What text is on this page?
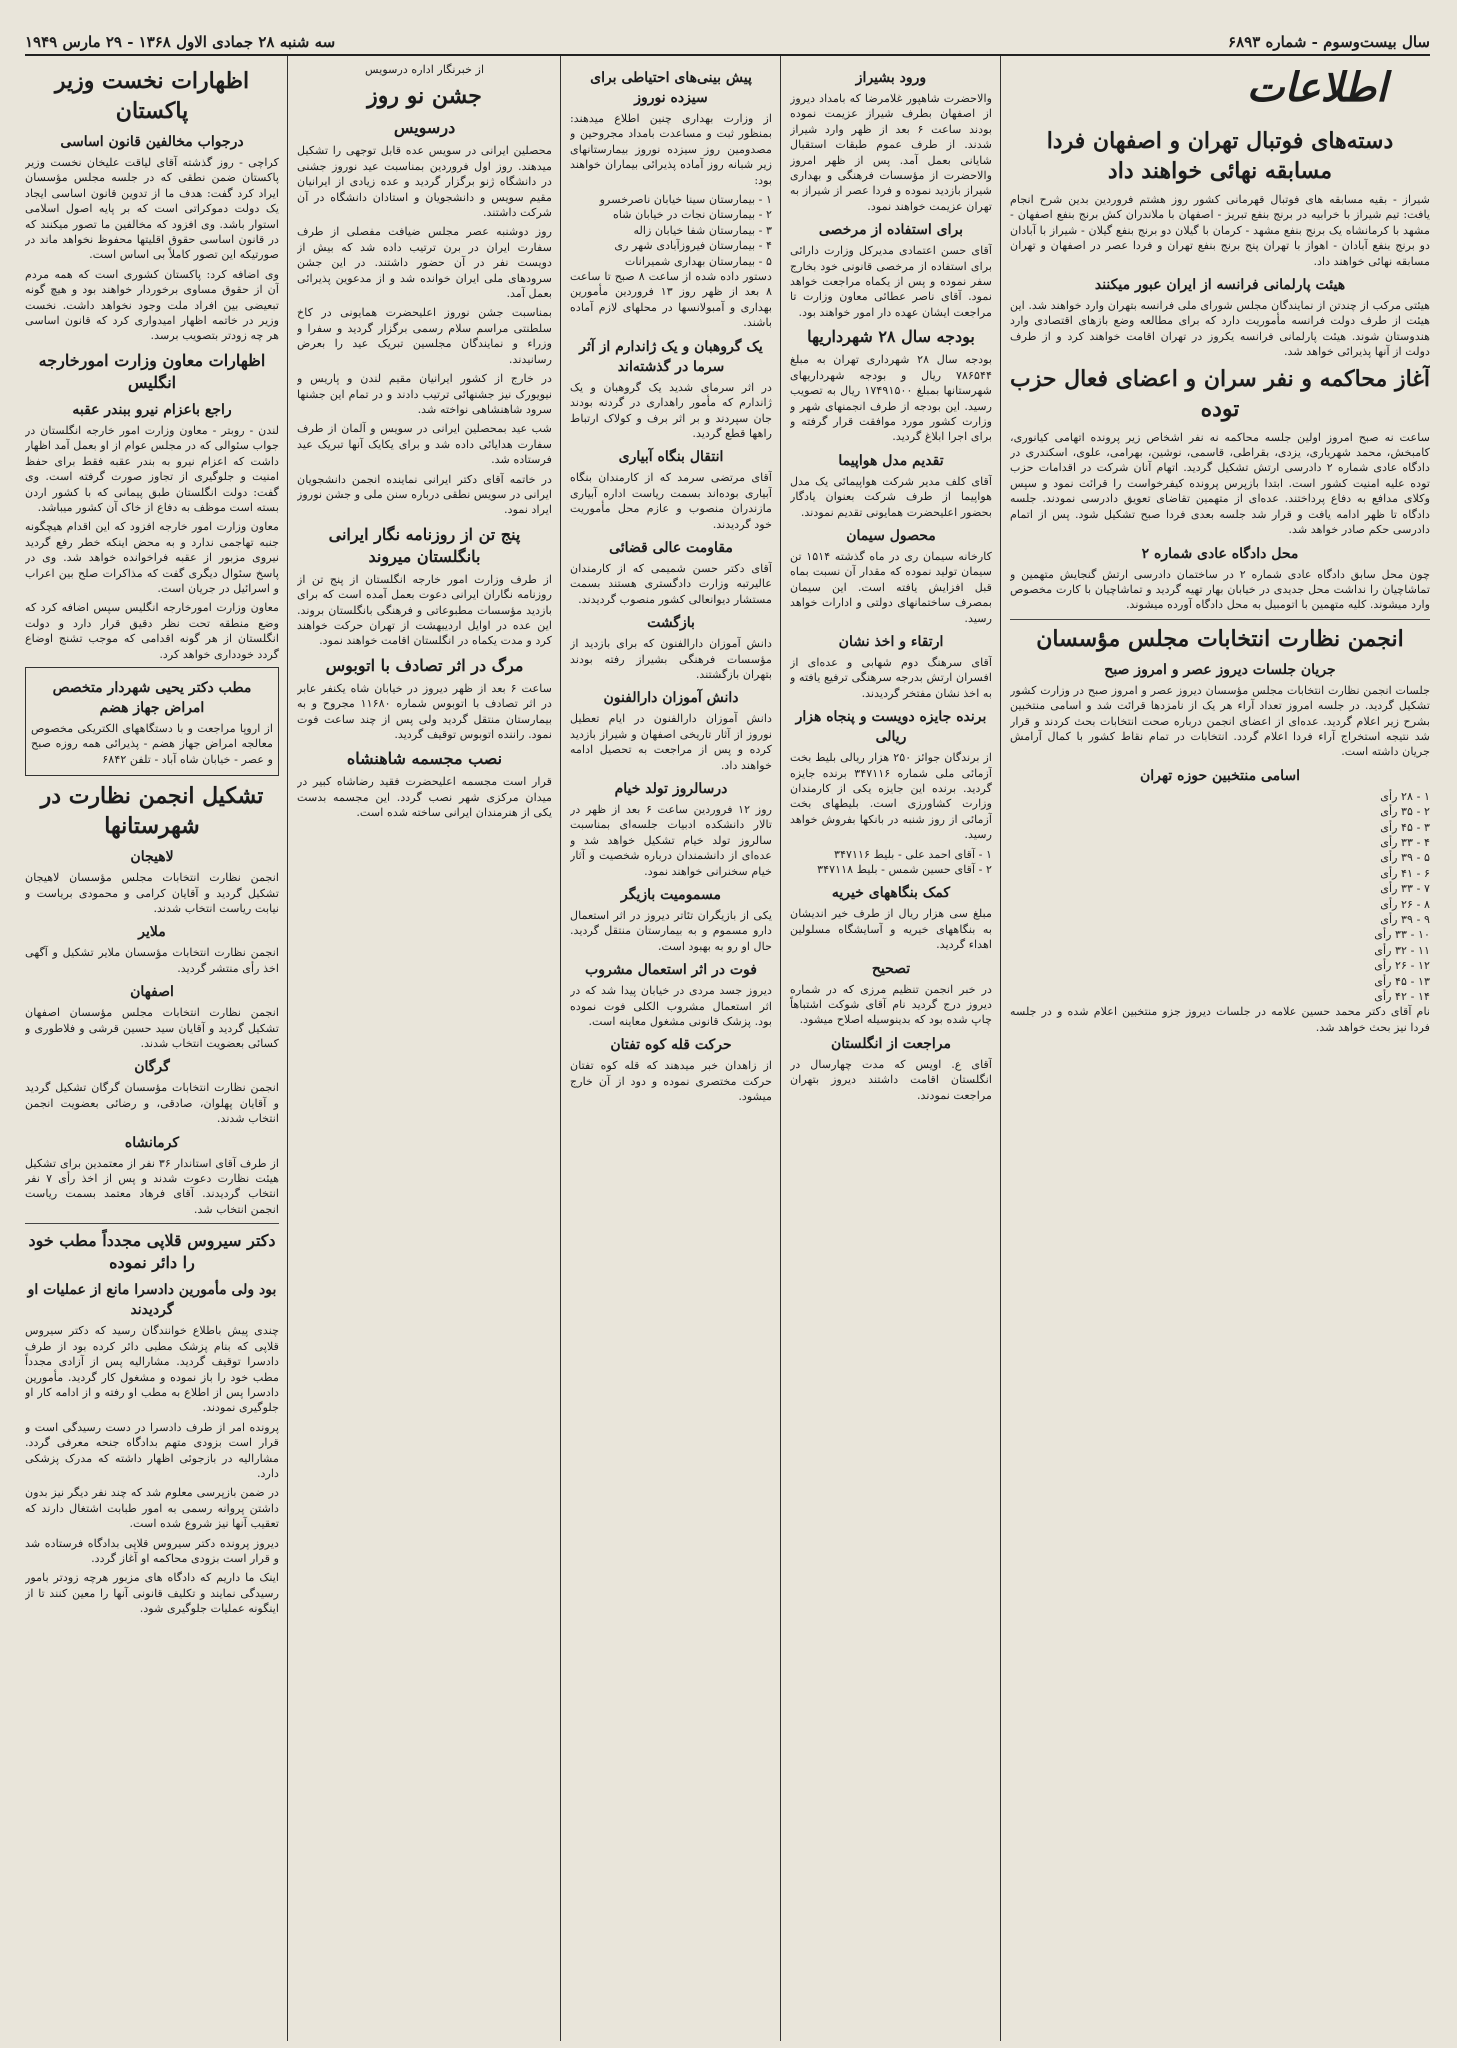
سال بیست‌وسوم - شماره ۶۸۹۳
سه شنبه ۲۸ جمادی الاول ۱۳۶۸ - ۲۹ مارس ۱۹۴۹
اطلاعات
دسته‌های فوتبال تهران و اصفهان فردا مسابقه نهائی خواهند داد

شیراز - بقیه مسابقه های فوتبال قهرمانی کشور روز هشتم فروردین بدین شرح انجام یافت: تیم شیراز با خرابیه در برنج بنفع تبریز - اصفهان با ملاندران کش برنج بنفع اصفهان - مشهد با کرمانشاه یک برنج بنفع مشهد - کرمان با گیلان دو برنج بنفع گیلان - شیراز با آبادان دو برنج بنفع آبادان - اهواز با تهران پنج برنج بنفع تهران و فردا عصر در اصفهان و تهران مسابقه نهائی خواهند داد.

هیئت پارلمانی فرانسه از ایران عبور میکنند

هیئتی مرکب از چندتن از نمایندگان مجلس شورای ملی فرانسه بتهران وارد خواهند شد. این هیئت از طرف دولت فرانسه مأموریت دارد که برای مطالعه وضع بازهای اقتصادی وارد هندوستان شوند. هیئت پارلمانی فرانسه یکروز در تهران اقامت خواهند کرد و از طرف دولت از آنها پذیرائی خواهد شد.

آغاز محاکمه و نفر سران و اعضای فعال حزب توده

ساعت نه صبح امروز اولین جلسه محاکمه نه نفر اشخاص زیر پرونده اتهامی کیانوری، کامبخش، محمد شهریاری، یزدی، بقراطی، قاسمی، نوشین، بهرامی، علوی، اسکندری در دادگاه عادی شماره ۲ دادرسی ارتش تشکیل گردید. اتهام آنان شرکت در اقدامات حزب توده علیه امنیت کشور است. ابتدا بازپرس پرونده کیفرخواست را قرائت نمود و سپس وکلای مدافع به دفاع پرداختند. عده‌ای از متهمین تقاضای تعویق دادرسی نمودند. جلسه دادگاه تا ظهر ادامه یافت و قرار شد جلسه بعدی فردا صبح تشکیل شود. پس از اتمام دادرسی حکم صادر خواهد شد.

محل دادگاه عادی شماره ۲

چون محل سابق دادگاه عادی شماره ۲ در ساختمان دادرسی ارتش گنجایش متهمین و تماشاچیان را نداشت محل جدیدی در خیابان بهار تهیه گردید و تماشاچیان با کارت مخصوص وارد میشوند. کلیه متهمین با اتومبیل به محل دادگاه آورده میشوند.

انجمن نظارت انتخابات مجلس مؤسسان
جریان جلسات دیروز عصر و امروز صبح

جلسات انجمن نظارت انتخابات مجلس مؤسسان دیروز عصر و امروز صبح در وزارت کشور تشکیل گردید. در جلسه امروز تعداد آراء هر یک از نامزدها قرائت شد و اسامی منتخبین بشرح زیر اعلام گردید. عده‌ای از اعضای انجمن درباره صحت انتخابات بحث کردند و قرار شد نتیجه استخراج آراء فردا اعلام گردد. انتخابات در تمام نقاط کشور با کمال آرامش جریان داشته است.

اسامی منتخبین حوزه تهران
۱ - ۲۸ رأی
۲ - ۳۵ رأی
۳ - ۴۵ رأی
۴ - ۳۳ رأی
۵ - ۳۹ رأی
۶ - ۴۱ رأی
۷ - ۳۳ رأی
۸ - ۲۶ رأی
۹ - ۳۹ رأی
۱۰ - ۳۳ رأی
۱۱ - ۳۲ رأی
۱۲ - ۲۶ رأی
۱۳ - ۴۵ رأی
۱۴ - ۴۲ رأی

نام آقای دکتر محمد حسین علامه در جلسات دیروز جزو منتخبین اعلام شده و در جلسه فردا نیز بحث خواهد شد.

ورود بشیراز

والاحضرت شاهپور غلامرضا که بامداد دیروز از اصفهان بطرف شیراز عزیمت نموده بودند ساعت ۶ بعد از ظهر وارد شیراز شدند. از طرف عموم طبقات استقبال شایانی بعمل آمد. پس از ظهر امروز والاحضرت از مؤسسات فرهنگی و بهداری شیراز بازدید نموده و فردا عصر از شیراز به تهران عزیمت خواهند نمود.

برای استفاده از مرخصی

آقای حسن اعتمادی مدیرکل وزارت دارائی برای استفاده از مرخصی قانونی خود بخارج سفر نموده و پس از یکماه مراجعت خواهد نمود. آقای ناصر عطائی معاون وزارت تا مراجعت ایشان عهده دار امور خواهند بود.

بودجه سال ۲۸ شهرداریها

بودجه سال ۲۸ شهرداری تهران به مبلغ ۷۸۶۵۴۴ ریال و بودجه شهرداریهای شهرستانها بمبلغ ۱۷۴۹۱۵۰۰ ریال به تصویب رسید. این بودجه از طرف انجمنهای شهر و وزارت کشور مورد موافقت قرار گرفته و برای اجرا ابلاغ گردید.

تقدیم مدل هواپیما

آقای کلف مدیر شرکت هواپیمائی یک مدل هواپیما از طرف شرکت بعنوان یادگار بحضور اعلیحضرت همایونی تقدیم نمودند.

محصول سیمان

کارخانه سیمان ری در ماه گذشته ۱۵۱۴ تن سیمان تولید نموده که مقدار آن نسبت بماه قبل افزایش یافته است. این سیمان بمصرف ساختمانهای دولتی و ادارات خواهد رسید.

ارتقاء و اخذ نشان

آقای سرهنگ دوم شهابی و عده‌ای از افسران ارتش بدرجه سرهنگی ترفیع یافته و به اخذ نشان مفتخر گردیدند.

برنده جایزه دویست و پنجاه هزار ریالی

از برندگان جوائز ۲۵۰ هزار ریالی بلیط بخت آزمائی ملی شماره ۳۴۷۱۱۶ برنده جایزه گردید. برنده این جایزه یکی از کارمندان وزارت کشاورزی است. بلیطهای بخت آزمائی از روز شنبه در بانکها بفروش خواهد رسید.

۱ - آقای احمد علی - بلیط ۳۴۷۱۱۶
۲ - آقای حسین شمس - بلیط ۳۴۷۱۱۸
کمک بنگاههای خیریه

مبلغ سی هزار ریال از طرف خیر اندیشان به بنگاههای خیریه و آسایشگاه مسلولین اهداء گردید.

تصحیح

در خبر انجمن تنظیم مرزی که در شماره دیروز درج گردید نام آقای شوکت اشتباهاً چاپ شده بود که بدینوسیله اصلاح میشود.

مراجعت از انگلستان

آقای ع. اویس که مدت چهارسال در انگلستان اقامت داشتند دیروز بتهران مراجعت نمودند.

پیش بینی‌های احتیاطی برای سیزده نوروز

از وزارت بهداری چنین اطلاع میدهند: بمنظور ثبت و مساعدت بامداد مجروحین و مصدومین روز سیزده نوروز بیمارستانهای زیر شبانه روز آماده پذیرائی بیماران خواهند بود:

۱ - بیمارستان سینا خیابان ناصرخسرو
۲ - بیمارستان نجات در خیابان شاه
۳ - بیمارستان شفا خیابان زاله
۴ - بیمارستان فیروزآبادی شهر ری
۵ - بیمارستان بهداری شمیرانات

دستور داده شده از ساعت ۸ صبح تا ساعت ۸ بعد از ظهر روز ۱۳ فروردین مأمورین بهداری و آمبولانسها در محلهای لازم آماده باشند.

یک گروهبان و یک ژاندارم از آثر سرما در گذشته‌اند

در اثر سرمای شدید یک گروهبان و یک ژاندارم که مأمور راهداری در گردنه بودند جان سپردند و بر اثر برف و کولاک ارتباط راهها قطع گردید.

انتقال بنگاه آبیاری

آقای مرتضی سرمد که از کارمندان بنگاه آبیاری بوده‌اند بسمت ریاست اداره آبیاری مازندران منصوب و عازم محل مأموریت خود گردیدند.

مقاومت عالی قضائی

آقای دکتر حسن شمیمی که از کارمندان عالیرتبه وزارت دادگستری هستند بسمت مستشار دیوانعالی کشور منصوب گردیدند.

بازگشت

دانش آموزان دارالفنون که برای بازدید از مؤسسات فرهنگی بشیراز رفته بودند بتهران بازگشتند.

دانش آموزان دارالفنون

دانش آموزان دارالفنون در ایام تعطیل نوروز از آثار تاریخی اصفهان و شیراز بازدید کرده و پس از مراجعت به تحصیل ادامه خواهند داد.

درسالروز تولد خیام

روز ۱۲ فروردین ساعت ۶ بعد از ظهر در تالار دانشکده ادبیات جلسه‌ای بمناسبت سالروز تولد خیام تشکیل خواهد شد و عده‌ای از دانشمندان درباره شخصیت و آثار خیام سخنرانی خواهند نمود.

مسمومیت بازیگر

یکی از بازیگران تئاتر دیروز در اثر استعمال دارو مسموم و به بیمارستان منتقل گردید. حال او رو به بهبود است.

فوت در اثر استعمال مشروب

دیروز جسد مردی در خیابان پیدا شد که در اثر استعمال مشروب الکلی فوت نموده بود. پزشک قانونی مشغول معاینه است.

حرکت قله کوه تفتان

از زاهدان خبر میدهند که قله کوه تفتان حرکت مختصری نموده و دود از آن خارج میشود.

از خبرنگار اداره درسویس
جشن نو روز
درسویس

محصلین ایرانی در سویس عده قابل توجهی را تشکیل میدهند. روز اول فروردین بمناسبت عید نوروز جشنی در دانشگاه ژنو برگزار گردید و عده زیادی از ایرانیان مقیم سویس و دانشجویان و استادان دانشگاه در آن شرکت داشتند.

روز دوشنبه عصر مجلس ضیافت مفصلی از طرف سفارت ایران در برن ترتیب داده شد که بیش از دویست نفر در آن حضور داشتند. در این جشن سرودهای ملی ایران خوانده شد و از مدعوین پذیرائی بعمل آمد.

بمناسبت جشن نوروز اعلیحضرت همایونی در کاخ سلطنتی مراسم سلام رسمی برگزار گردید و سفرا و وزراء و نمایندگان مجلسین تبریک عید را بعرض رسانیدند.

در خارج از کشور ایرانیان مقیم لندن و پاریس و نیویورک نیز جشنهائی ترتیب دادند و در تمام این جشنها سرود شاهنشاهی نواخته شد.

شب عید بمحصلین ایرانی در سویس و آلمان از طرف سفارت هدایائی داده شد و برای یکایک آنها تبریک عید فرستاده شد.

در خاتمه آقای دکتر ایرانی نماینده انجمن دانشجویان ایرانی در سویس نطقی درباره سنن ملی و جشن نوروز ایراد نمود.

پنج تن از روزنامه نگار ایرانی بانگلستان میروند

از طرف وزارت امور خارجه انگلستان از پنج تن از روزنامه نگاران ایرانی دعوت بعمل آمده است که برای بازدید مؤسسات مطبوعاتی و فرهنگی بانگلستان بروند. این عده در اوایل اردیبهشت از تهران حرکت خواهند کرد و مدت یکماه در انگلستان اقامت خواهند نمود.

مرگ در اثر تصادف با اتوبوس

ساعت ۶ بعد از ظهر دیروز در خیابان شاه یکنفر عابر در اثر تصادف با اتوبوس شماره ۱۱۶۸۰ مجروح و به بیمارستان منتقل گردید ولی پس از چند ساعت فوت نمود. راننده اتوبوس توقیف گردید.

نصب مجسمه شاهنشاه

قرار است مجسمه اعلیحضرت فقید رضاشاه کبیر در میدان مرکزی شهر نصب گردد. این مجسمه بدست یکی از هنرمندان ایرانی ساخته شده است.

اظهارات نخست وزیر پاکستان
درجواب مخالفین قانون اساسی

کراچی - روز گذشته آقای لیاقت علیخان نخست وزیر پاکستان ضمن نطقی که در جلسه مجلس مؤسسان ایراد کرد گفت: هدف ما از تدوین قانون اساسی ایجاد یک دولت دموکراتی است که بر پایه اصول اسلامی استوار باشد. وی افزود که مخالفین ما تصور میکنند که در قانون اساسی حقوق اقلیتها محفوظ نخواهد ماند در صورتیکه این تصور کاملاً بی اساس است.

وی اضافه کرد: پاکستان کشوری است که همه مردم آن از حقوق مساوی برخوردار خواهند بود و هیچ گونه تبعیضی بین افراد ملت وجود نخواهد داشت. نخست وزیر در خاتمه اظهار امیدواری کرد که قانون اساسی هر چه زودتر بتصویب برسد.

اظهارات معاون وزارت امورخارجه انگلیس
راجع باعزام نیرو ببندر عقبه

لندن - روبتر - معاون وزارت امور خارجه انگلستان در جواب سئوالی که در مجلس عوام از او بعمل آمد اظهار داشت که اعزام نیرو به بندر عقبه فقط برای حفظ امنیت و جلوگیری از تجاوز صورت گرفته است. وی گفت: دولت انگلستان طبق پیمانی که با کشور اردن بسته است موظف به دفاع از خاک آن کشور میباشد.

معاون وزارت امور خارجه افزود که این اقدام هیچگونه جنبه تهاجمی ندارد و به محض اینکه خطر رفع گردید نیروی مزبور از عقبه فراخوانده خواهد شد. وی در پاسخ سئوال دیگری گفت که مذاکرات صلح بین اعراب و اسرائیل در جریان است.

معاون وزارت امورخارجه انگلیس سپس اضافه کرد که وضع منطقه تحت نظر دقیق قرار دارد و دولت انگلستان از هر گونه اقدامی که موجب تشنج اوضاع گردد خودداری خواهد کرد.

مطب دکتر یحیی شهردار متخصص امراض جهاز هضم

از اروپا مراجعت و با دستگاههای الکتریکی مخصوص معالجه امراض جهاز هضم - پذیرائی همه روزه صبح و عصر - خیابان شاه آباد - تلفن ۶۸۴۲

تشکیل انجمن نظارت در شهرستانها
لاهیجان

انجمن نظارت انتخابات مجلس مؤسسان لاهیجان تشکیل گردید و آقایان کرامی و محمودی بریاست و نیابت ریاست انتخاب شدند.

ملایر

انجمن نظارت انتخابات مؤسسان ملایر تشکیل و آگهی اخذ رأی منتشر گردید.

اصفهان

انجمن نظارت انتخابات مجلس مؤسسان اصفهان تشکیل گردید و آقایان سید حسین قرشی و فلاطوری و کسائی بعضویت انتخاب شدند.

گرگان

انجمن نظارت انتخابات مؤسسان گرگان تشکیل گردید و آقایان پهلوان، صادقی، و رضائی بعضویت انجمن انتخاب شدند.

کرمانشاه

از طرف آقای استاندار ۳۶ نفر از معتمدین برای تشکیل هیئت نظارت دعوت شدند و پس از اخذ رأی ۷ نفر انتخاب گردیدند. آقای فرهاد معتمد بسمت ریاست انجمن انتخاب شد.

دکتر سیروس قلاپی مجدداً مطب خود را دائر نموده
بود ولی مأمورین دادسرا مانع از عملیات او گردیدند

چندی پیش باطلاع خوانندگان رسید که دکتر سیروس قلاپی که بنام پزشک مطبی دائر کرده بود از طرف دادسرا توقیف گردید. مشارالیه پس از آزادی مجدداً مطب خود را باز نموده و مشغول کار گردید. مأمورین دادسرا پس از اطلاع به مطب او رفته و از ادامه کار او جلوگیری نمودند.

پرونده امر از طرف دادسرا در دست رسیدگی است و قرار است بزودی متهم بدادگاه جنحه معرفی گردد. مشارالیه در بازجوئی اظهار داشته که مدرک پزشکی دارد.

در ضمن بازپرسی معلوم شد که چند نفر دیگر نیز بدون داشتن پروانه رسمی به امور طبابت اشتغال دارند که تعقیب آنها نیز شروع شده است.

دیروز پرونده دکتر سیروس قلاپی بدادگاه فرستاده شد و قرار است بزودی محاکمه او آغاز گردد.

اینک ما داریم که دادگاه های مزبور هرچه زودتر بامور رسیدگی نمایند و تکلیف قانونی آنها را معین کنند تا از اینگونه عملیات جلوگیری شود.
